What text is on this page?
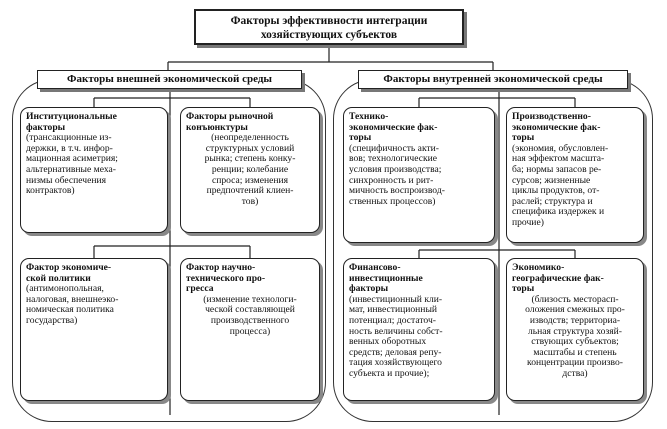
Факторы эффективности интеграции
хозяйствующих субъектов
Факторы внешней экономической среды	Факторы внутренней экономической среды
Институциональные
факторы
(трансакционные из-
держки, в т.ч. инфор-
мационная асиметрия;
альтернативные меха-
низмы обеспечения
контрактов)
Факторы рыночной
конъюнктуры
(неопределенность
структурных условий
рынка; степень конку-
ренции; колебание
спроса; изменения
предпочтений клиен-
тов)
Фактор экономиче-
ской политики
(антимонопольная,
налоговая, внешнеэко-
номическая политика
государства)
Фактор научно-
технического про-
гресса
(изменение технологи-
ческой составляющей
производственного
процесса)
Технико-
экономические фак-
торы
(специфичность акти-
вов; технологические
условия производства;
синхронность и рит-
мичность воспроизвод-
ственных процессов)
Производственно-
экономические фак-
торы
(экономия, обусловлен-
ная эффектом масшта-
ба; нормы запасов ре-
сурсов; жизненные
циклы продуктов, от-
раслей; структура и
специфика издержек и
прочие)
Финансово-
инвестиционные
факторы
(инвестиционный кли-
мат, инвестиционный
потенциал; достаточ-
ность величины собст-
венных оборотных
средств; деловая репу-
тация хозяйствующего
субъекта и прочие);
Экономико-
географические фак-
торы
(близость месторасп-
оложения смежных про-
изводств; территориа-
льная структура хозяй-
ствующих субъектов;
масштабы и степень
концентрации произво-
дства)
